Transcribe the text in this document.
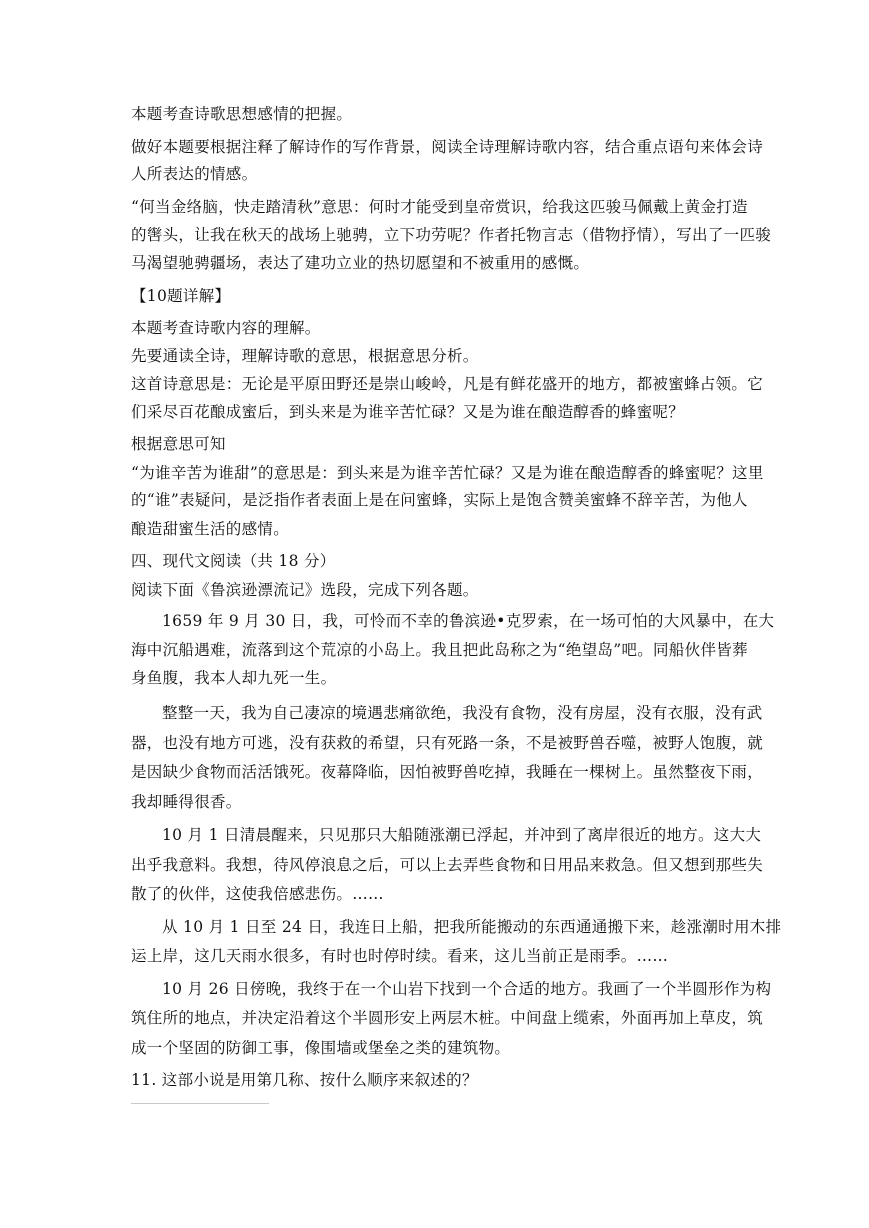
本题考查诗歌思想感情的把握。
做好本题要根据注释了解诗作的写作背景，阅读全诗理解诗歌内容，结合重点语句来体会诗
人所表达的情感。
“何当金络脑，快走踏清秋”意思：何时才能受到皇帝赏识，给我这匹骏马佩戴上黄金打造
的辔头，让我在秋天的战场上驰骋，立下功劳呢？作者托物言志（借物抒情），写出了一匹骏
马渴望驰骋疆场，表达了建功立业的热切愿望和不被重用的感慨。
【10题详解】
本题考查诗歌内容的理解。
先要通读全诗，理解诗歌的意思，根据意思分析。
这首诗意思是：无论是平原田野还是崇山峻岭，凡是有鲜花盛开的地方，都被蜜蜂占领。它
们采尽百花酿成蜜后，到头来是为谁辛苦忙碌？又是为谁在酿造醇香的蜂蜜呢？
根据意思可知
“为谁辛苦为谁甜”的意思是：到头来是为谁辛苦忙碌？又是为谁在酿造醇香的蜂蜜呢？这里
的“谁”表疑问，是泛指作者表面上是在问蜜蜂，实际上是饱含赞美蜜蜂不辞辛苦，为他人
酿造甜蜜生活的感情。
四、现代文阅读（共 18 分）
阅读下面《鲁滨逊漂流记》选段，完成下列各题。
1659 年 9 月 30 日，我，可怜而不幸的鲁滨逊•克罗索，在一场可怕的大风暴中，在大
海中沉船遇难，流落到这个荒凉的小岛上。我且把此岛称之为“绝望岛”吧。同船伙伴皆葬
身鱼腹，我本人却九死一生。
整整一天，我为自己凄凉的境遇悲痛欲绝，我没有食物，没有房屋，没有衣服，没有武
器，也没有地方可逃，没有获救的希望，只有死路一条，不是被野兽吞噬，被野人饱腹，就
是因缺少食物而活活饿死。夜幕降临，因怕被野兽吃掉，我睡在一棵树上。虽然整夜下雨，
我却睡得很香。
10 月 1 日清晨醒来，只见那只大船随涨潮已浮起，并冲到了离岸很近的地方。这大大
出乎我意料。我想，待风停浪息之后，可以上去弄些食物和日用品来救急。但又想到那些失
散了的伙伴，这使我倍感悲伤。……
从 10 月 1 日至 24 日，我连日上船，把我所能搬动的东西通通搬下来，趁涨潮时用木排
运上岸，这几天雨水很多，有时也时停时续。看来，这儿当前正是雨季。……
10 月 26 日傍晚，我终于在一个山岩下找到一个合适的地方。我画了一个半圆形作为构
筑住所的地点，并决定沿着这个半圆形安上两层木桩。中间盘上缆索，外面再加上草皮，筑
成一个坚固的防御工事，像围墙或堡垒之类的建筑物。
11. 这部小说是用第几称、按什么顺序来叙述的？
